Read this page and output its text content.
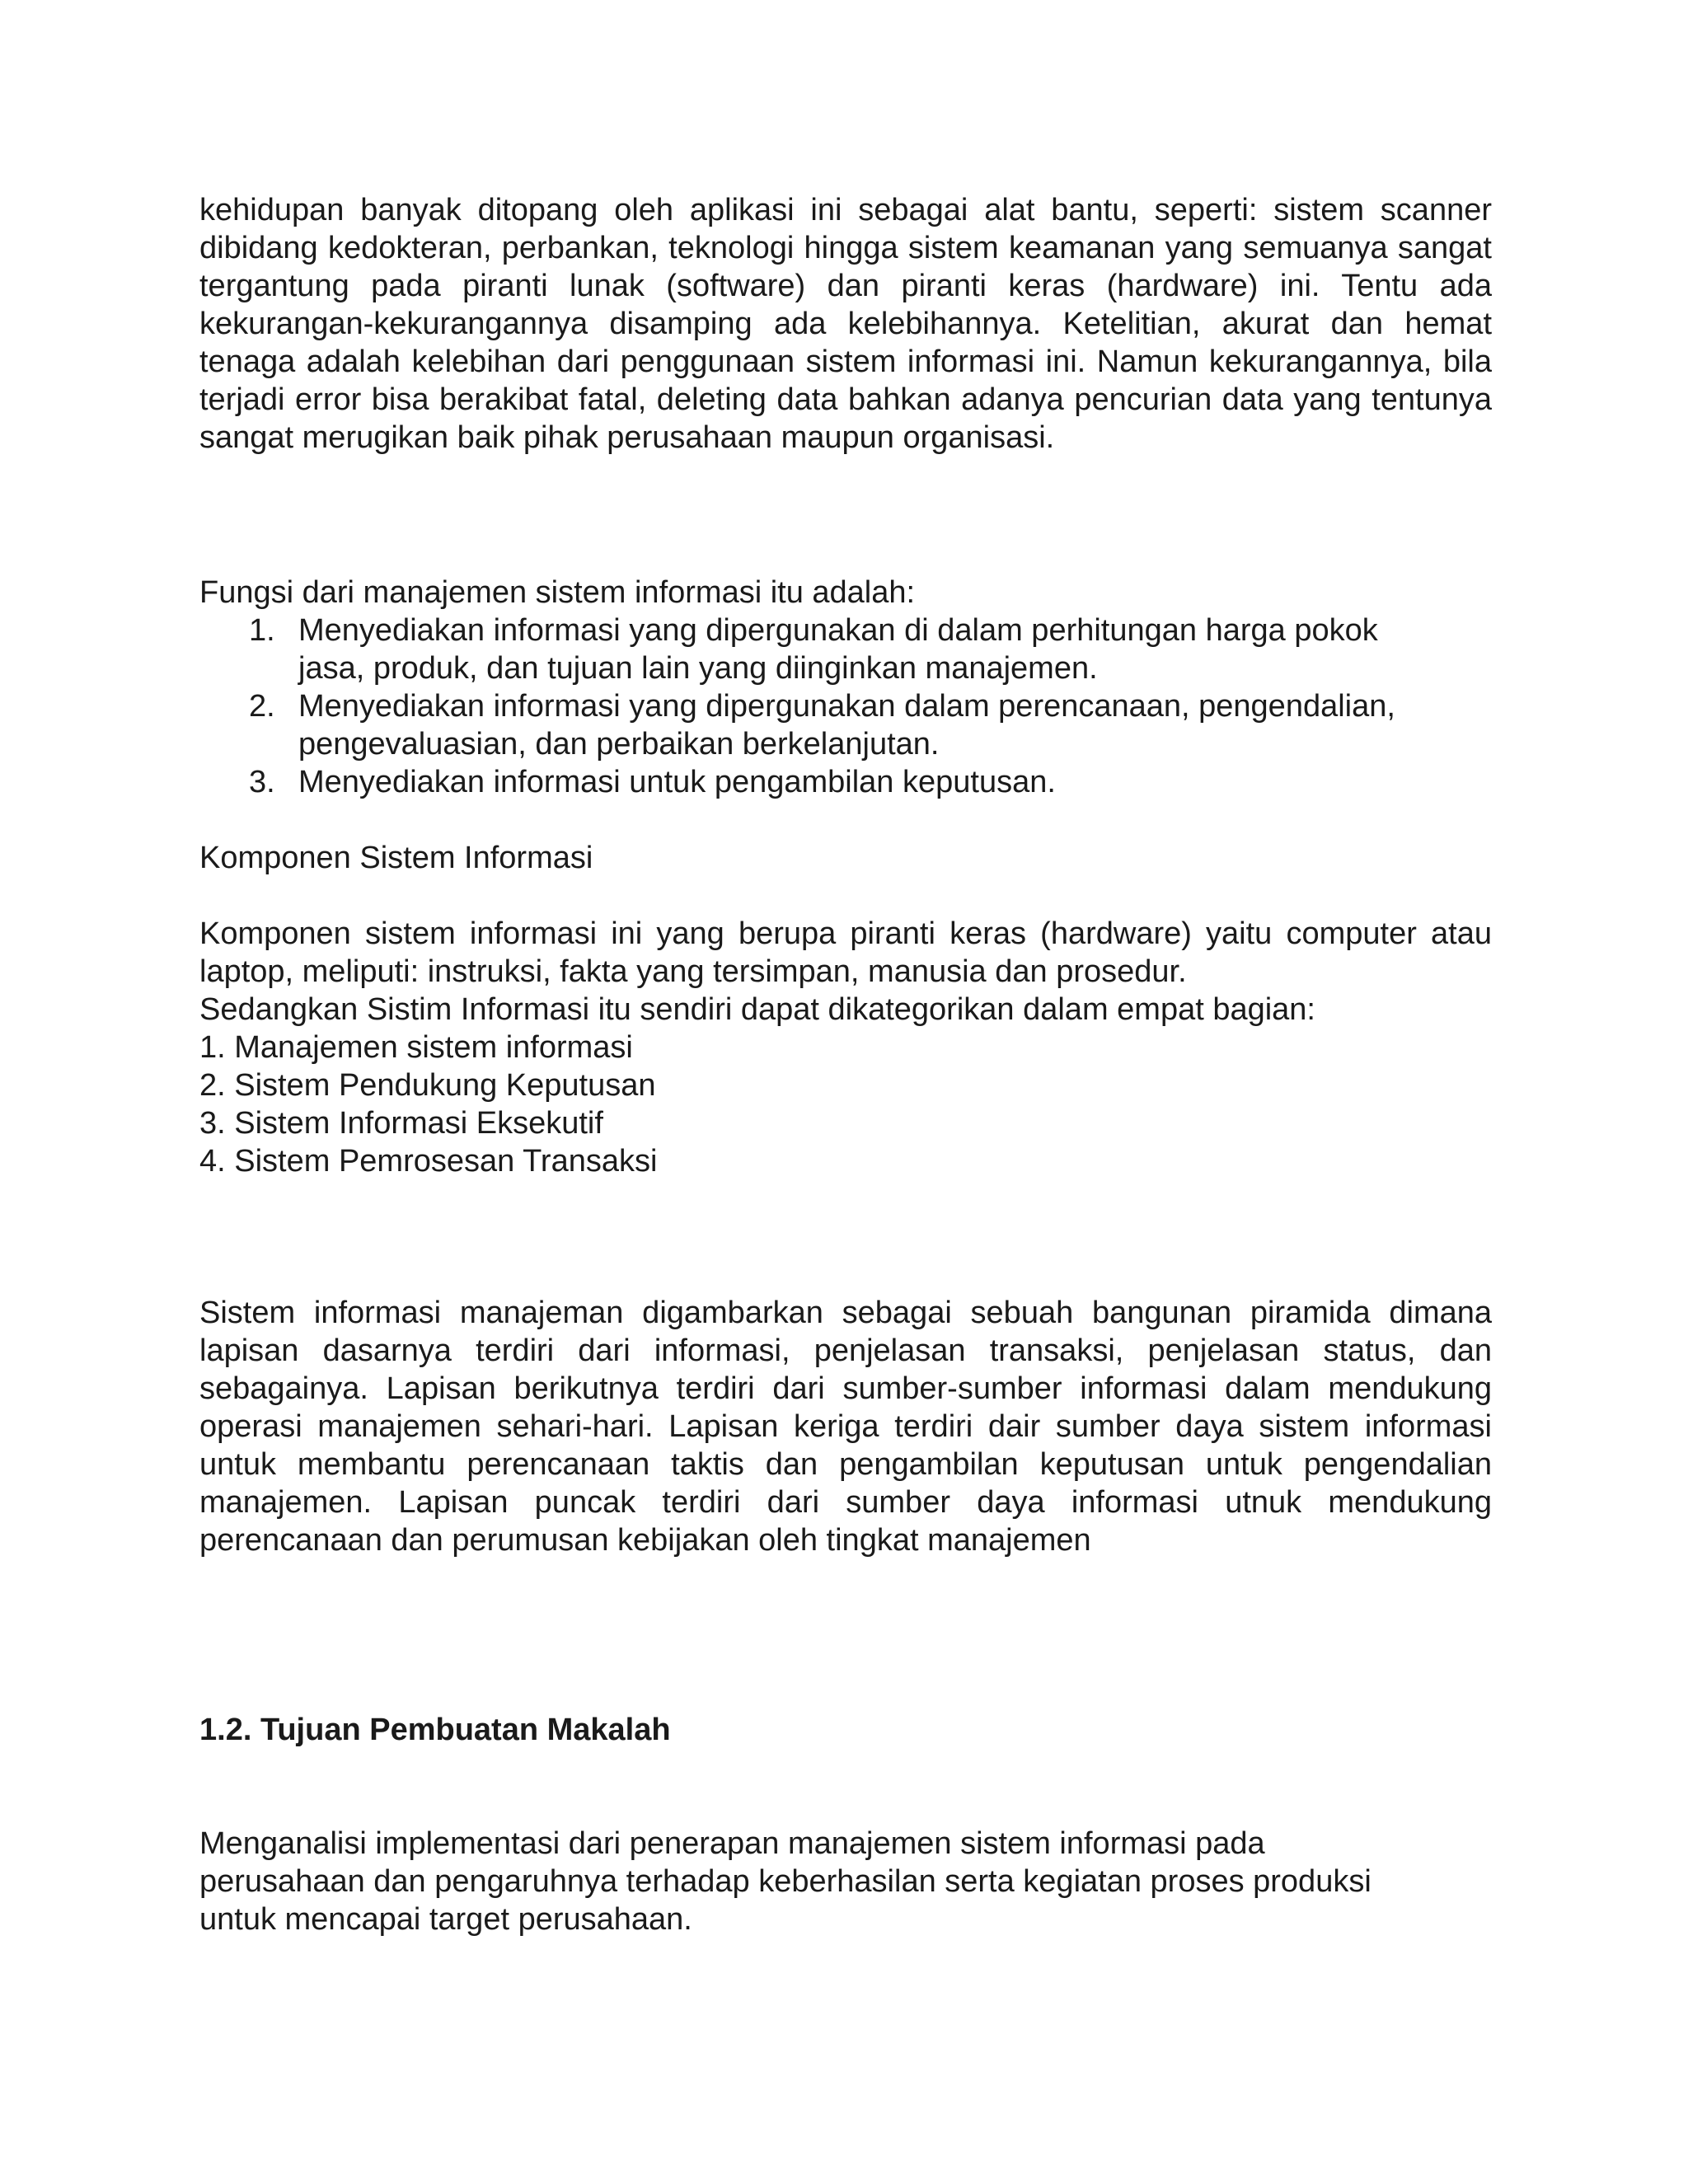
kehidupan banyak ditopang oleh aplikasi ini sebagai alat bantu, seperti: sistem scanner dibidang kedokteran, perbankan, teknologi hingga sistem keamanan yang semuanya sangat tergantung pada piranti lunak (software) dan piranti keras (hardware) ini. Tentu ada kekurangan-kekurangannya disamping ada kelebihannya. Ketelitian, akurat dan hemat tenaga adalah kelebihan dari penggunaan sistem informasi ini. Namun kekurangannya, bila terjadi error bisa berakibat fatal, deleting data bahkan adanya pencurian data yang tentunya sangat merugikan baik pihak perusahaan maupun organisasi.

Fungsi dari manajemen sistem informasi itu adalah:
1. Menyediakan informasi yang dipergunakan di dalam perhitungan harga pokok
jasa, produk, dan tujuan lain yang diinginkan manajemen.
2. Menyediakan informasi yang dipergunakan dalam perencanaan, pengendalian,
pengevaluasian, dan perbaikan berkelanjutan.
3. Menyediakan informasi untuk pengambilan keputusan.
Komponen Sistem Informasi

Komponen sistem informasi ini yang berupa piranti keras (hardware) yaitu computer atau laptop, meliputi: instruksi, fakta yang tersimpan, manusia dan prosedur.

Sedangkan Sistim Informasi itu sendiri dapat dikategorikan dalam empat bagian:
1. Manajemen sistem informasi
2. Sistem Pendukung Keputusan
3. Sistem Informasi Eksekutif
4. Sistem Pemrosesan Transaksi

Sistem informasi manajeman digambarkan sebagai sebuah bangunan piramida dimana lapisan dasarnya terdiri dari informasi, penjelasan transaksi, penjelasan status, dan sebagainya. Lapisan berikutnya terdiri dari sumber-sumber informasi dalam mendukung operasi manajemen sehari-hari. Lapisan keriga terdiri dair sumber daya sistem informasi untuk membantu perencanaan taktis dan pengambilan keputusan untuk pengendalian manajemen. Lapisan puncak terdiri dari sumber daya informasi utnuk mendukung perencanaan dan perumusan kebijakan oleh tingkat manajemen

1.2. Tujuan Pembuatan Makalah
Menganalisi implementasi dari penerapan manajemen sistem informasi pada
perusahaan dan pengaruhnya terhadap keberhasilan serta kegiatan proses produksi
untuk mencapai target perusahaan.
